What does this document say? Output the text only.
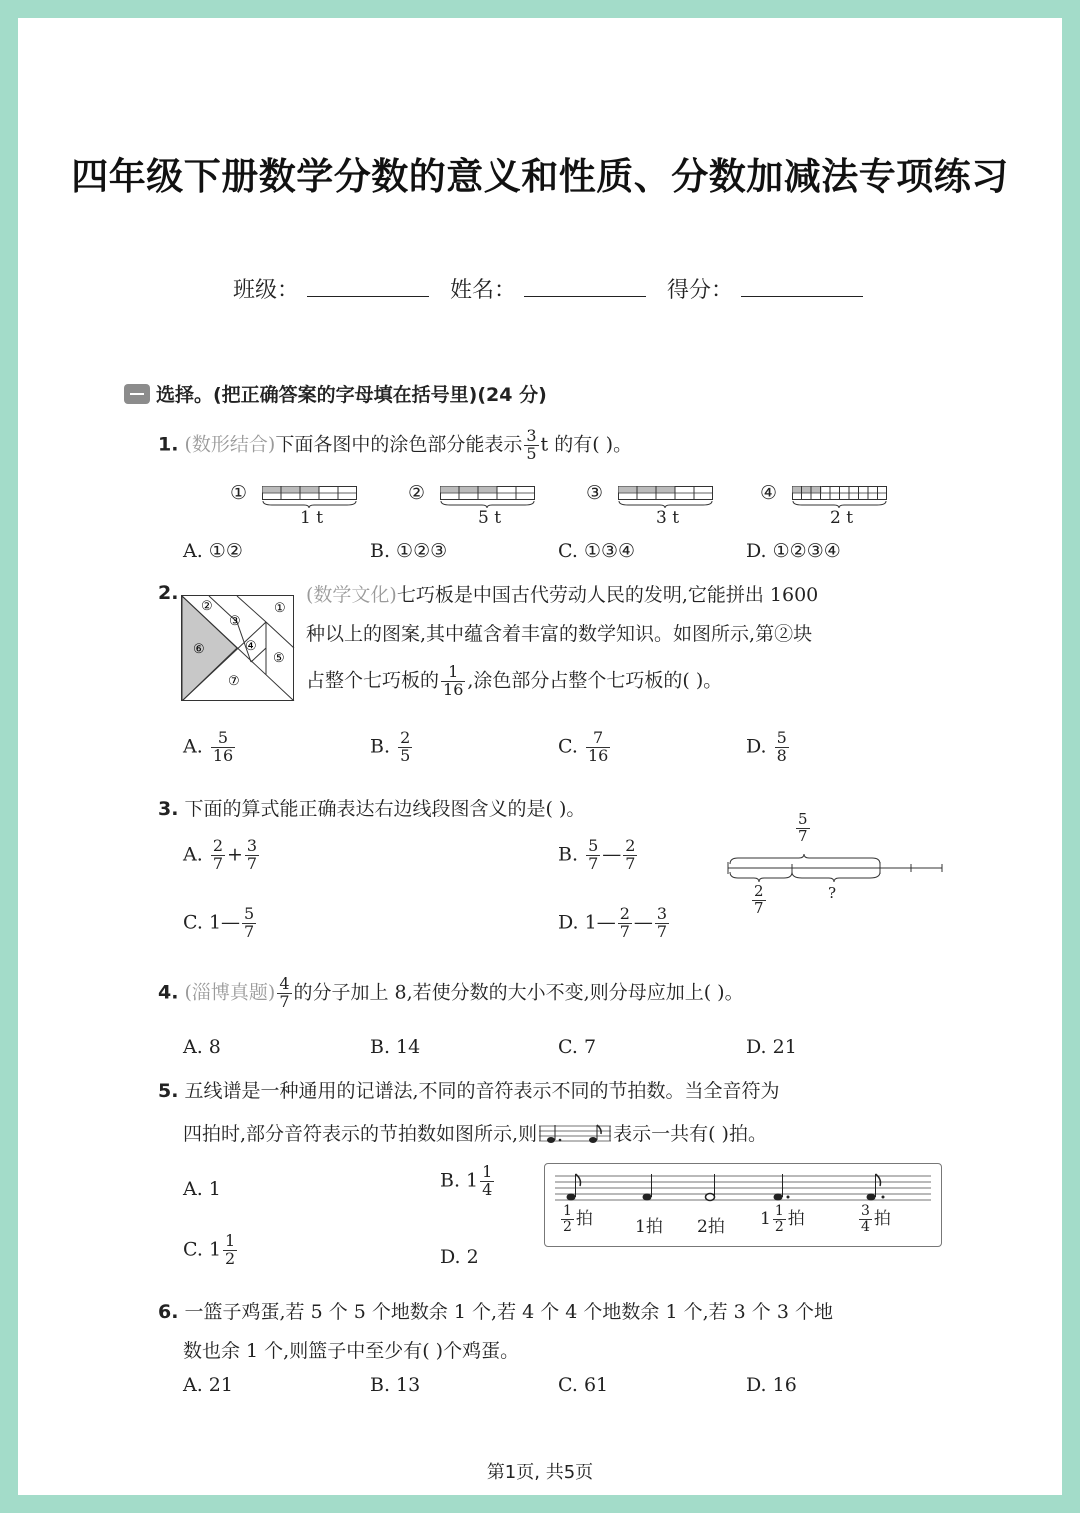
四年级下册数学分数的意义和性质、分数加减法专项练习
班级：	姓名：	得分：
选择。(把正确答案的字母填在括号里)(24 分)
1. (数形结合)下面各图中的涂色部分能表示 $\frac{3}{5}$ t 的有( )。
①
1 t
②
5 t
③
3 t
④
2 t
A. ①②	B. ①②③	C. ①③④	D. ①②③④
2.
②	①
③
④
⑤
⑥
⑦
(数学文化)七巧板是中国古代劳动人民的发明,它能拼出 1600
种以上的图案,其中蕴含着丰富的数学知识。如图所示,第②块
占整个七巧板的 $\frac{1}{16}$ ,涂色部分占整个七巧板的( )。
A. $\frac{5}{16}$	B. $\frac{2}{5}$	C. $\frac{7}{16}$	D. $\frac{5}{8}$
3. 下面的算式能正确表达右边线段图含义的是( )。
A. $\frac{2}{7} + \frac{3}{7}$	B. $\frac{5}{7}$ — $\frac{2}{7}$
C. 1— $\frac{5}{7}$	D. 1— $\frac{2}{7}$ — $\frac{3}{7}$
$\frac{5}{7}$
$\frac{2}{7}$	?
4. (淄博真题) $\frac{4}{7}$ 的分子加上 8,若使分数的大小不变,则分母应加上( )。
A. 8	B. 14	C. 7	D. 21
5. 五线谱是一种通用的记谱法,不同的音符表示不同的节拍数。当全音符为
四拍时,部分音符表示的节拍数如图所示,则	表示一共有( )拍。
A. 1	B. $1 \frac{1}{4}$
C. $1 \frac{1}{2}$	D. 2
$\frac{1}{2}$ 拍 1拍 2拍 $1 \frac{1}{2}$ 拍	$\frac{3}{4}$ 拍
6. 一篮子鸡蛋,若 5 个 5 个地数余 1 个,若 4 个 4 个地数余 1 个,若 3 个 3 个地
数也余 1 个,则篮子中至少有( )个鸡蛋。
A. 21	B. 13	C. 61	D. 16
第1页, 共5页
